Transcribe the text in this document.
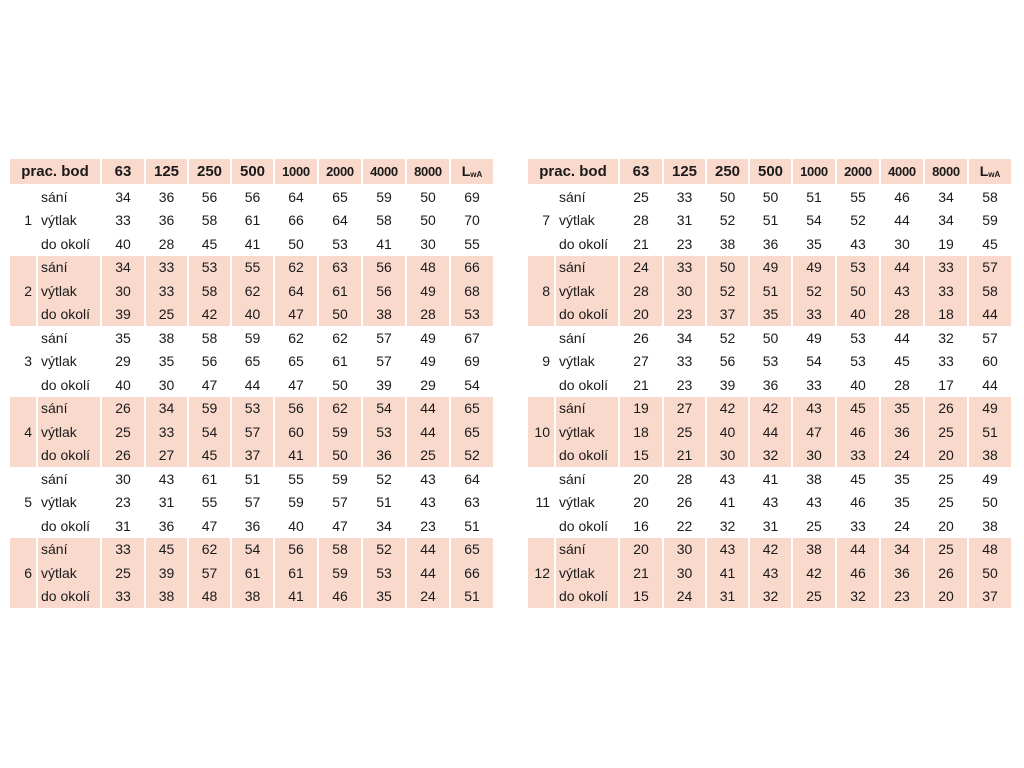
prac. bod		63	125	250	500	1000	2000	4000	8000	LwA
	sání	34	36	56	56	64	65	59	50	69
1	výtlak	33	36	58	61	66	64	58	50	70
	do okolí	40	28	45	41	50	53	41	30	55
	sání	34	33	53	55	62	63	56	48	66
2	výtlak	30	33	58	62	64	61	56	49	68
	do okolí	39	25	42	40	47	50	38	28	53
	sání	35	38	58	59	62	62	57	49	67
3	výtlak	29	35	56	65	65	61	57	49	69
	do okolí	40	30	47	44	47	50	39	29	54
	sání	26	34	59	53	56	62	54	44	65
4	výtlak	25	33	54	57	60	59	53	44	65
	do okolí	26	27	45	37	41	50	36	25	52
	sání	30	43	61	51	55	59	52	43	64
5	výtlak	23	31	55	57	59	57	51	43	63
	do okolí	31	36	47	36	40	47	34	23	51
	sání	33	45	62	54	56	58	52	44	65
6	výtlak	25	39	57	61	61	59	53	44	66
	do okolí	33	38	48	38	41	46	35	24	51
prac. bod		63	125	250	500	1000	2000	4000	8000	LwA
	sání	25	33	50	50	51	55	46	34	58
7	výtlak	28	31	52	51	54	52	44	34	59
	do okolí	21	23	38	36	35	43	30	19	45
	sání	24	33	50	49	49	53	44	33	57
8	výtlak	28	30	52	51	52	50	43	33	58
	do okolí	20	23	37	35	33	40	28	18	44
	sání	26	34	52	50	49	53	44	32	57
9	výtlak	27	33	56	53	54	53	45	33	60
	do okolí	21	23	39	36	33	40	28	17	44
	sání	19	27	42	42	43	45	35	26	49
10	výtlak	18	25	40	44	47	46	36	25	51
	do okolí	15	21	30	32	30	33	24	20	38
	sání	20	28	43	41	38	45	35	25	49
11	výtlak	20	26	41	43	43	46	35	25	50
	do okolí	16	22	32	31	25	33	24	20	38
	sání	20	30	43	42	38	44	34	25	48
12	výtlak	21	30	41	43	42	46	36	26	50
	do okolí	15	24	31	32	25	32	23	20	37
